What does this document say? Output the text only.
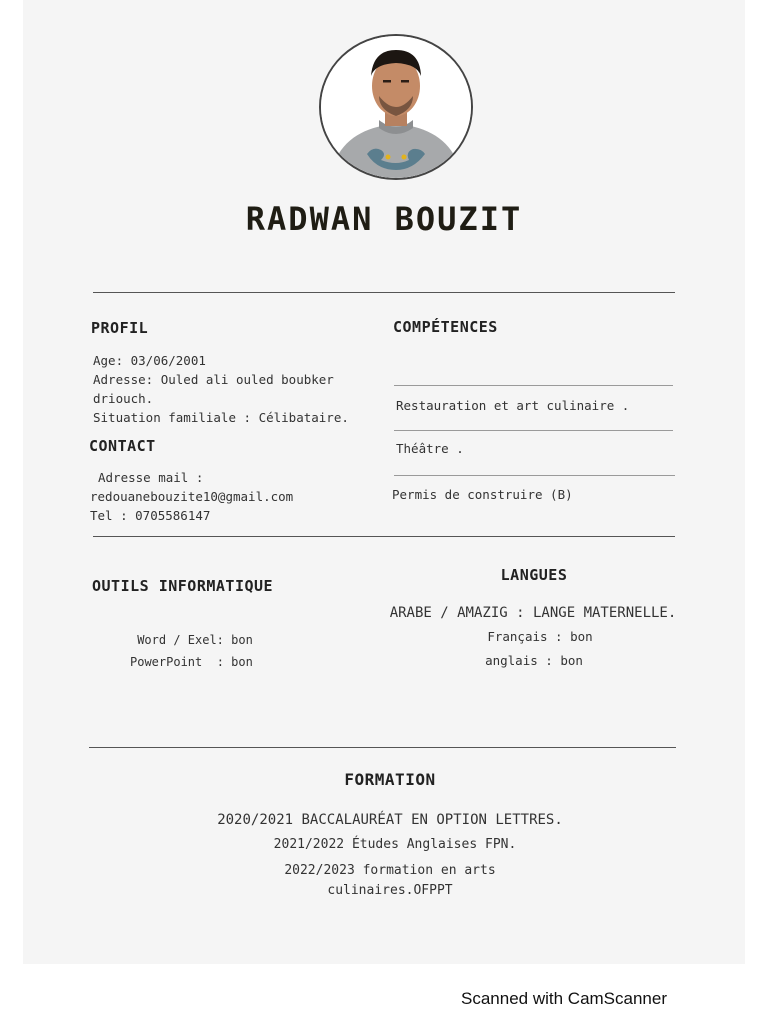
RADWAN BOUZIT
PROFIL
Age: 03/06/2001
Adresse: Ouled ali ouled boubker
driouch.
Situation familiale : Célibataire.
CONTACT
Adresse mail :
redouanebouzite10@gmail.com
Tel : 0705586147
COMPÉTENCES
Restauration et art culinaire .
Théâtre .
Permis de construire (B)
OUTILS INFORMATIQUE
Word / Exel: bon
PowerPoint  : bon
LANGUES
ARABE / AMAZIG : LANGE MATERNELLE.
Français : bon
anglais : bon
FORMATION
2020/2021 BACCALAURÉAT EN OPTION LETTRES.
2021/2022 Études Anglaises FPN.
2022/2023 formation en arts
culinaires.OFPPT
Scanned with CamScanner
